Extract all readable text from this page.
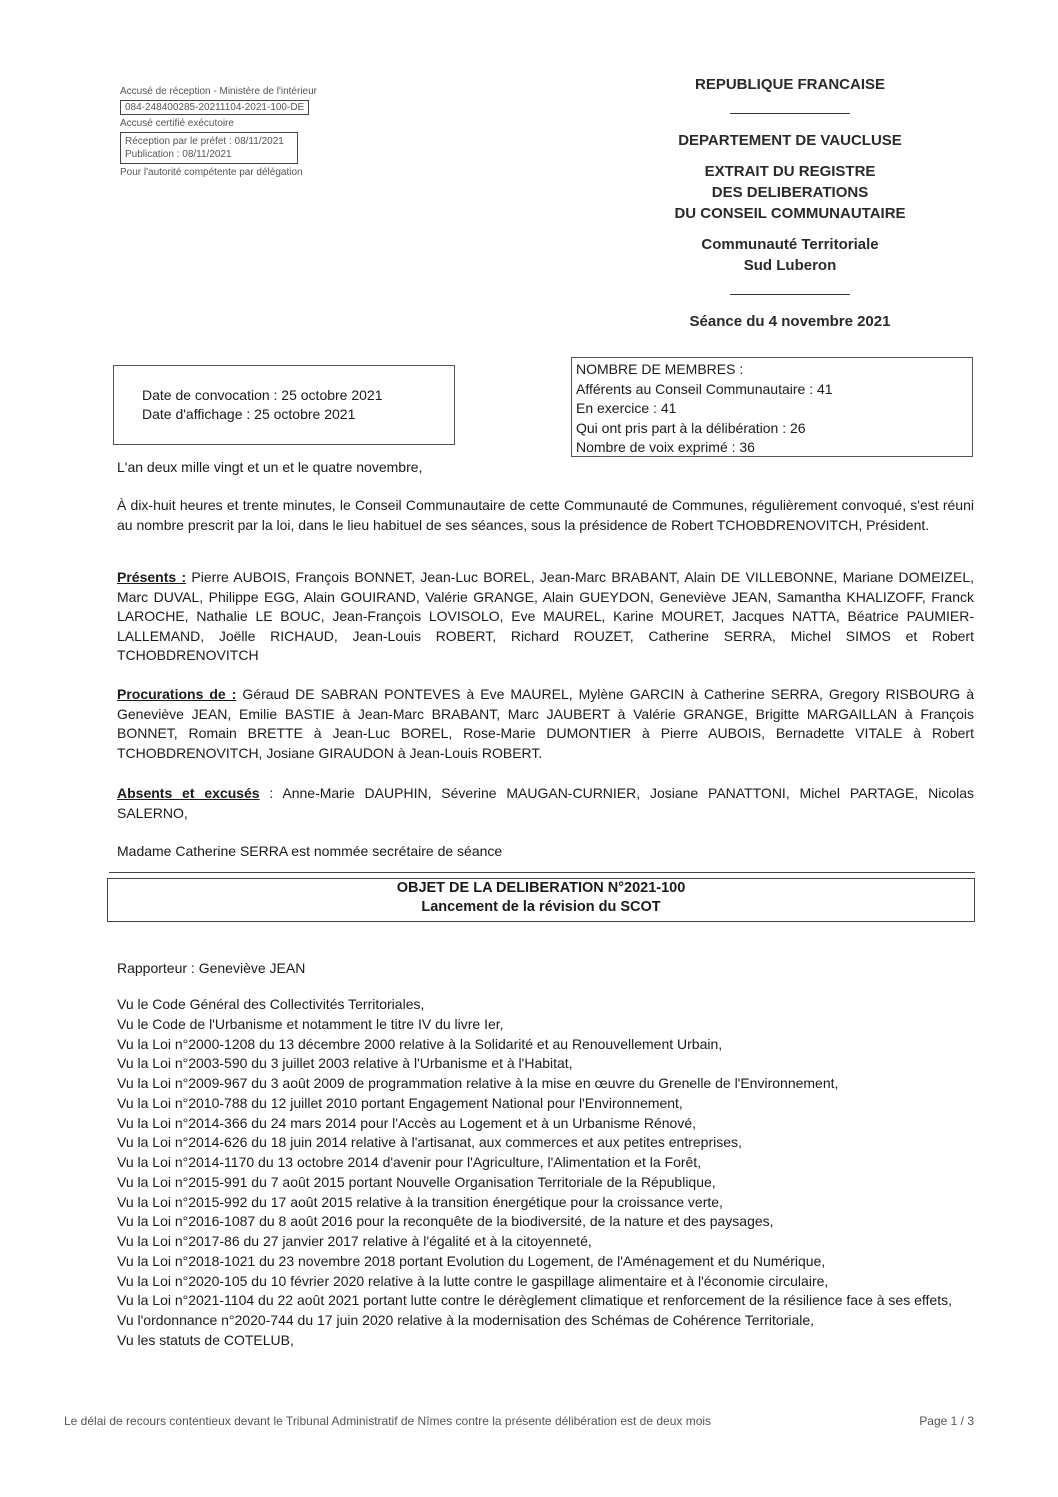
Accusé de réception - Ministère de l'intérieur
084-248400285-20211104-2021-100-DE
Accusé certifié exécutoire
Réception par le préfet : 08/11/2021
Publication : 08/11/2021
Pour l'autorité compétente par délégation
REPUBLIQUE FRANCAISE
DEPARTEMENT DE VAUCLUSE
EXTRAIT DU REGISTRE
DES DELIBERATIONS
DU CONSEIL COMMUNAUTAIRE
Communauté Territoriale
Sud Luberon
Séance du 4 novembre 2021
Date de convocation : 25 octobre 2021
Date d'affichage : 25 octobre 2021
NOMBRE DE MEMBRES :
Afférents au Conseil Communautaire : 41
En exercice : 41
Qui ont pris part à la délibération : 26
Nombre de voix exprimé : 36
L'an deux mille vingt et un et le quatre novembre,
À dix-huit heures et trente minutes, le Conseil Communautaire de cette Communauté de Communes, régulièrement convoqué, s'est réuni au nombre prescrit par la loi, dans le lieu habituel de ses séances, sous la présidence de Robert TCHOBDRENOVITCH, Président.
Présents : Pierre AUBOIS, François BONNET, Jean-Luc BOREL, Jean-Marc BRABANT, Alain DE VILLEBONNE, Mariane DOMEIZEL, Marc DUVAL, Philippe EGG, Alain GOUIRAND, Valérie GRANGE, Alain GUEYDON, Geneviève JEAN, Samantha KHALIZOFF, Franck LAROCHE, Nathalie LE BOUC, Jean-François LOVISOLO, Eve MAUREL, Karine MOURET, Jacques NATTA, Béatrice PAUMIER-LALLEMAND, Joëlle RICHAUD, Jean-Louis ROBERT, Richard ROUZET, Catherine SERRA, Michel SIMOS et Robert TCHOBDRENOVITCH
Procurations de : Géraud DE SABRAN PONTEVES à Eve MAUREL, Mylène GARCIN à Catherine SERRA, Gregory RISBOURG à Geneviève JEAN, Emilie BASTIE à Jean-Marc BRABANT, Marc JAUBERT à Valérie GRANGE, Brigitte MARGAILLAN à François BONNET, Romain BRETTE à Jean-Luc BOREL, Rose-Marie DUMONTIER à Pierre AUBOIS, Bernadette VITALE à Robert TCHOBDRENOVITCH, Josiane GIRAUDON à Jean-Louis ROBERT.
Absents et excusés : Anne-Marie DAUPHIN, Séverine MAUGAN-CURNIER, Josiane PANATTONI, Michel PARTAGE, Nicolas SALERNO,
Madame Catherine SERRA est nommée secrétaire de séance
OBJET DE LA DELIBERATION N°2021-100
Lancement de la révision du SCOT
Rapporteur : Geneviève JEAN
Vu le Code Général des Collectivités Territoriales,
Vu le Code de l'Urbanisme et notamment le titre IV du livre Ier,
Vu la Loi n°2000-1208 du 13 décembre 2000 relative à la Solidarité et au Renouvellement Urbain,
Vu la Loi n°2003-590 du 3 juillet 2003 relative à l'Urbanisme et à l'Habitat,
Vu la Loi n°2009-967 du 3 août 2009 de programmation relative à la mise en œuvre du Grenelle de l'Environnement,
Vu la Loi n°2010-788 du 12 juillet 2010 portant Engagement National pour l'Environnement,
Vu la Loi n°2014-366 du 24 mars 2014 pour l'Accès au Logement et à un Urbanisme Rénové,
Vu la Loi n°2014-626 du 18 juin 2014 relative à l'artisanat, aux commerces et aux petites entreprises,
Vu la Loi n°2014-1170 du 13 octobre 2014 d'avenir pour l'Agriculture, l'Alimentation et la Forêt,
Vu la Loi n°2015-991 du 7 août 2015 portant Nouvelle Organisation Territoriale de la République,
Vu la Loi n°2015-992 du 17 août 2015 relative à la transition énergétique pour la croissance verte,
Vu la Loi n°2016-1087 du 8 août 2016 pour la reconquête de la biodiversité, de la nature et des paysages,
Vu la Loi n°2017-86 du 27 janvier 2017 relative à l'égalité et à la citoyenneté,
Vu la Loi n°2018-1021 du 23 novembre 2018 portant Evolution du Logement, de l'Aménagement et du Numérique,
Vu la Loi n°2020-105 du 10 février 2020 relative à la lutte contre le gaspillage alimentaire et à l'économie circulaire,
Vu la Loi n°2021-1104 du 22 août 2021 portant lutte contre le dérèglement climatique et renforcement de la résilience face à ses effets,
Vu l'ordonnance n°2020-744 du 17 juin 2020 relative à la modernisation des Schémas de Cohérence Territoriale,
Vu les statuts de COTELUB,
Le délai de recours contentieux devant le Tribunal Administratif de Nîmes contre la présente délibération est de deux mois	Page 1 / 3
